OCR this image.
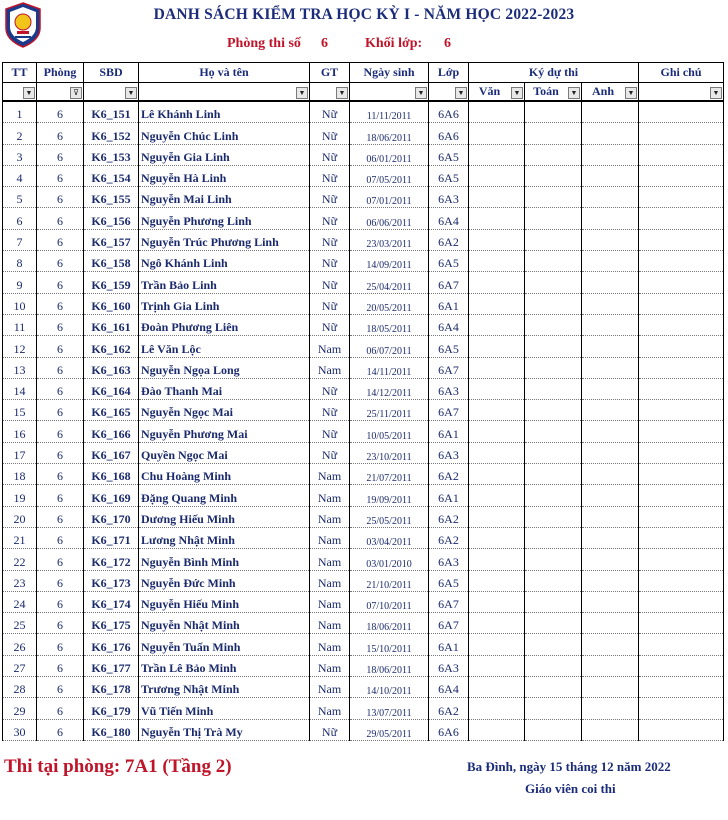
DANH SÁCH KIỂM TRA HỌC KỲ I - NĂM HỌC 2022-2023
Phòng thi số 6	Khối lớp: 6
TT	Phòng	SBD	Họ và tên	GT	Ngày sinh	Lớp	Ký dự thi			Ghi chú

▼	⊽	▼	▼	▼	▼	▼	Văn ▼	Toán ▼	Anh ▼	▼

1	6	K6_151	Lê Khánh Linh	Nữ	11/11/2011	6A6				
2	6	K6_152	Nguyễn Chúc Linh	Nữ	18/06/2011	6A6				
3	6	K6_153	Nguyễn Gia Linh	Nữ	06/01/2011	6A5				
4	6	K6_154	Nguyễn Hà Linh	Nữ	07/05/2011	6A5				
5	6	K6_155	Nguyễn Mai Linh	Nữ	07/01/2011	6A3				
6	6	K6_156	Nguyễn Phương Linh	Nữ	06/06/2011	6A4				
7	6	K6_157	Nguyễn Trúc Phương Linh	Nữ	23/03/2011	6A2				
8	6	K6_158	Ngô Khánh Linh	Nữ	14/09/2011	6A5				
9	6	K6_159	Trần Bảo Linh	Nữ	25/04/2011	6A7				
10	6	K6_160	Trịnh Gia Linh	Nữ	20/05/2011	6A1				
11	6	K6_161	Đoàn Phương Liên	Nữ	18/05/2011	6A4				
12	6	K6_162	Lê Văn Lộc	Nam	06/07/2011	6A5				
13	6	K6_163	Nguyễn Ngọa Long	Nam	14/11/2011	6A7				
14	6	K6_164	Đào Thanh Mai	Nữ	14/12/2011	6A3				
15	6	K6_165	Nguyễn Ngọc Mai	Nữ	25/11/2011	6A7				
16	6	K6_166	Nguyễn Phương Mai	Nữ	10/05/2011	6A1				
17	6	K6_167	Quyền Ngọc Mai	Nữ	23/10/2011	6A3				
18	6	K6_168	Chu Hoàng Minh	Nam	21/07/2011	6A2				
19	6	K6_169	Đặng Quang Minh	Nam	19/09/2011	6A1				
20	6	K6_170	Dương Hiếu Minh	Nam	25/05/2011	6A2				
21	6	K6_171	Lương Nhật Minh	Nam	03/04/2011	6A2				
22	6	K6_172	Nguyễn Bình Minh	Nam	03/01/2010	6A3				
23	6	K6_173	Nguyễn Đức Minh	Nam	21/10/2011	6A5				
24	6	K6_174	Nguyễn Hiếu Minh	Nam	07/10/2011	6A7				
25	6	K6_175	Nguyễn Nhật Minh	Nam	18/06/2011	6A7				
26	6	K6_176	Nguyễn Tuấn Minh	Nam	15/10/2011	6A1				
27	6	K6_177	Trần Lê Bảo Minh	Nam	18/06/2011	6A3				
28	6	K6_178	Trương Nhật Minh	Nam	14/10/2011	6A4				
29	6	K6_179	Vũ Tiến Minh	Nam	13/07/2011	6A2				
30	6	K6_180	Nguyễn Thị Trà My	Nữ	29/05/2011	6A6				
Thi tại phòng: 7A1 (Tầng 2)	Ba Đình, ngày 15 tháng 12 năm 2022
Giáo viên coi thi
